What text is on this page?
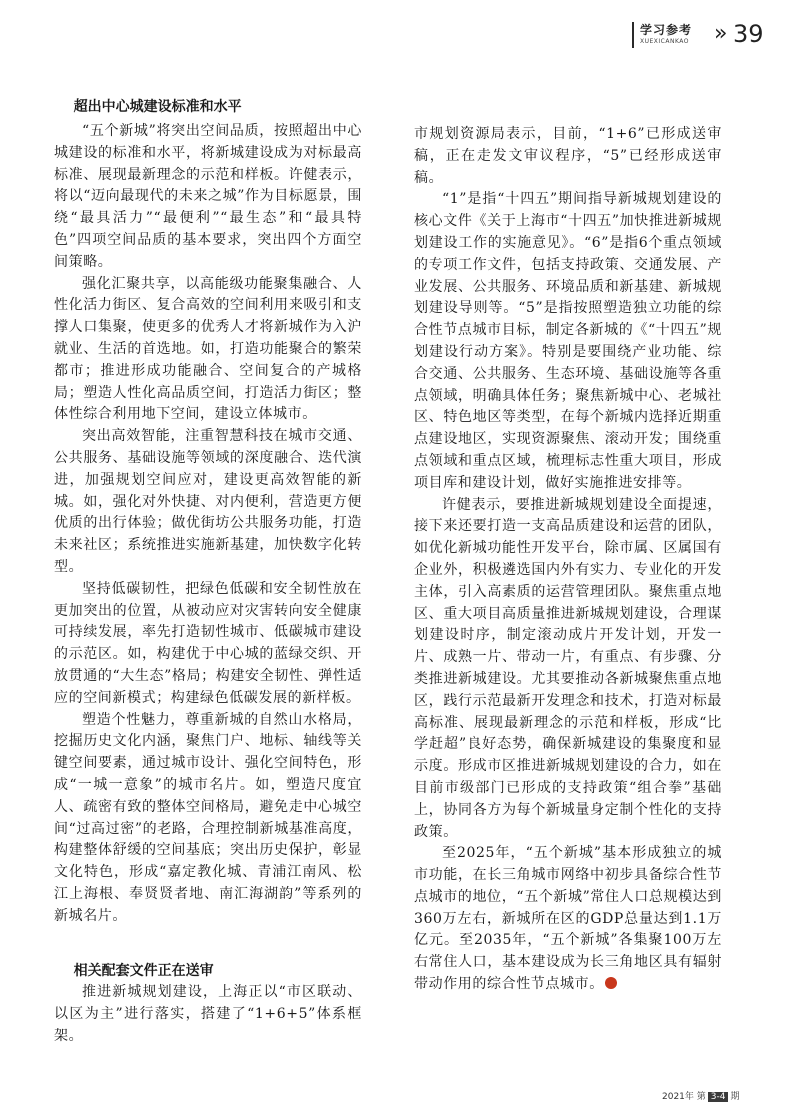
学习参考
XUEXICANKAO » 39
超出中心城建设标准和水平

“五个新城”将突出空间品质，按照超出中心城建设的标准和水平，将新城建设成为对标最高标准、展现最新理念的示范和样板。许健表示，将以“迈向最现代的未来之城”作为目标愿景，围绕“最具活力”“最便利”“最生态”和“最具特色”四项空间品质的基本要求，突出四个方面空间策略。

强化汇聚共享，以高能级功能聚集融合、人性化活力街区、复合高效的空间利用来吸引和支撑人口集聚，使更多的优秀人才将新城作为入沪就业、生活的首选地。如，打造功能聚合的繁荣都市；推进形成功能融合、空间复合的产城格局；塑造人性化高品质空间，打造活力街区；整体性综合利用地下空间，建设立体城市。

突出高效智能，注重智慧科技在城市交通、公共服务、基础设施等领域的深度融合、迭代演进，加强规划空间应对，建设更高效智能的新城。如，强化对外快捷、对内便利，营造更方便优质的出行体验；做优街坊公共服务功能，打造未来社区；系统推进实施新基建，加快数字化转型。

坚持低碳韧性，把绿色低碳和安全韧性放在更加突出的位置，从被动应对灾害转向安全健康可持续发展，率先打造韧性城市、低碳城市建设的示范区。如，构建优于中心城的蓝绿交织、开放贯通的“大生态”格局；构建安全韧性、弹性适应的空间新模式；构建绿色低碳发展的新样板。

塑造个性魅力，尊重新城的自然山水格局，挖掘历史文化内涵，聚焦门户、地标、轴线等关键空间要素，通过城市设计、强化空间特色，形成“一城一意象”的城市名片。如，塑造尺度宜人、疏密有致的整体空间格局，避免走中心城空间“过高过密”的老路，合理控制新城基准高度，构建整体舒缓的空间基底；突出历史保护，彰显文化特色，形成“嘉定教化城、青浦江南风、松江上海根、奉贤贤者地、南汇海湖韵”等系列的新城名片。

相关配套文件正在送审

推进新城规划建设，上海正以“市区联动、以区为主”进行落实，搭建了“1+6+5”体系框架。

市规划资源局表示，目前，“1+6”已形成送审稿，正在走发文审议程序，“5”已经形成送审稿。

“1”是指“十四五”期间指导新城规划建设的核心文件《关于上海市“十四五”加快推进新城规划建设工作的实施意见》。“6”是指6个重点领域的专项工作文件，包括支持政策、交通发展、产业发展、公共服务、环境品质和新基建、新城规划建设导则等。“5”是指按照塑造独立功能的综合性节点城市目标，制定各新城的《“十四五”规划建设行动方案》。特别是要围绕产业功能、综合交通、公共服务、生态环境、基础设施等各重点领域，明确具体任务；聚焦新城中心、老城社区、特色地区等类型，在每个新城内选择近期重点建设地区，实现资源聚焦、滚动开发；围绕重点领域和重点区域，梳理标志性重大项目，形成项目库和建设计划，做好实施推进安排等。

许健表示，要推进新城规划建设全面提速，接下来还要打造一支高品质建设和运营的团队，如优化新城功能性开发平台，除市属、区属国有企业外，积极遴选国内外有实力、专业化的开发主体，引入高素质的运营管理团队。聚焦重点地区、重大项目高质量推进新城规划建设，合理谋划建设时序，制定滚动成片开发计划，开发一片、成熟一片、带动一片，有重点、有步骤、分类推进新城建设。尤其要推动各新城聚焦重点地区，践行示范最新开发理念和技术，打造对标最高标准、展现最新理念的示范和样板，形成“比学赶超”良好态势，确保新城建设的集聚度和显示度。形成市区推进新城规划建设的合力，如在目前市级部门已形成的支持政策“组合拳”基础上，协同各方为每个新城量身定制个性化的支持政策。

至2025年，“五个新城”基本形成独立的城市功能，在长三角城市网络中初步具备综合性节点城市的地位，“五个新城”常住人口总规模达到360万左右，新城所在区的GDP总量达到1.1万亿元。至2035年，“五个新城”各集聚100万左右常住人口，基本建设成为长三角地区具有辐射带动作用的综合性节点城市。

2021年 第 3-4 期
